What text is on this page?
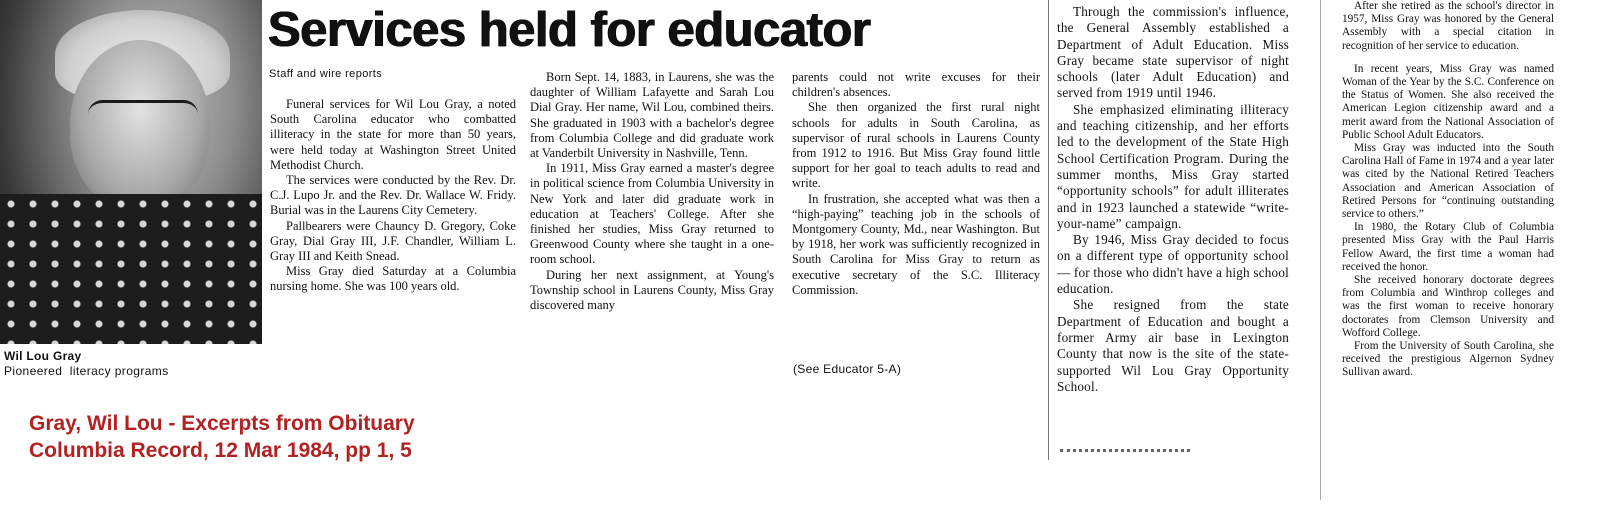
Wil Lou Gray
Pioneered  literacy programs
Services held for educator
Staff and wire reports

Funeral services for Wil Lou Gray, a noted South Carolina educator who combatted illiteracy in the state for more than 50 years, were held today at Washington Street United Methodist Church.

The services were conducted by the Rev. Dr. C.J. Lupo Jr. and the Rev. Dr. Wallace W. Fridy. Burial was in the Laurens City Cemetery.

Pallbearers were Chauncy D. Gregory, Coke Gray, Dial Gray III, J.F. Chandler, William L. Gray III and Keith Snead.

Miss Gray died Saturday at a Columbia nursing home. She was 100 years old.

Born Sept. 14, 1883, in Laurens, she was the daughter of William Lafayette and Sarah Lou Dial Gray. Her name, Wil Lou, combined theirs. She graduated in 1903 with a bachelor's degree from Columbia College and did graduate work at Vanderbilt University in Nashville, Tenn.

In 1911, Miss Gray earned a master's degree in political science from Columbia University in New York and later did graduate work in education at Teachers' College. After she finished her studies, Miss Gray returned to Greenwood County where she taught in a one-room school.

During her next assignment, at Young's Township school in Laurens County, Miss Gray discovered many

parents could not write excuses for their children's absences.

She then organized the first rural night schools for adults in South Carolina, as supervisor of rural schools in Laurens County from 1912 to 1916. But Miss Gray found little support for her goal to teach adults to read and write.

In frustration, she accepted what was then a “high-paying” teaching job in the schools of Montgomery County, Md., near Washington. But by 1918, her work was sufficiently recognized in South Carolina for Miss Gray to return as executive secretary of the S.C. Illiteracy Commission.

(See Educator 5-A)

Through the commission's influence, the General Assembly established a Department of Adult Education. Miss Gray became state supervisor of night schools (later Adult Education) and served from 1919 until 1946.

She emphasized eliminating illiteracy and teaching citizenship, and her efforts led to the development of the State High School Certification Program. During the summer months, Miss Gray started “opportunity schools” for adult illiterates and in 1923 launched a statewide “write-your-name” campaign.

By 1946, Miss Gray decided to focus on a different type of opportunity school — for those who didn't have a high school education.

She resigned from the state Department of Education and bought a former Army air base in Lexington County that now is the site of the state-supported Wil Lou Gray Opportunity School.

After she retired as the school's director in 1957, Miss Gray was honored by the General Assembly with a special citation in recognition of her service to education.

In recent years, Miss Gray was named Woman of the Year by the S.C. Conference on the Status of Women. She also received the American Legion citizenship award and a merit award from the National Association of Public School Adult Educators.

Miss Gray was inducted into the South Carolina Hall of Fame in 1974 and a year later was cited by the National Retired Teachers Association and American Association of Retired Persons for “continuing outstanding service to others.”

In 1980, the Rotary Club of Columbia presented Miss Gray with the Paul Harris Fellow Award, the first time a woman had received the honor.

She received honorary doctorate degrees from Columbia and Winthrop colleges and was the first woman to receive honorary doctorates from Clemson University and Wofford College.

From the University of South Carolina, she received the prestigious Algernon Sydney Sullivan award.

Gray, Wil Lou - Excerpts from Obituary
Columbia Record, 12 Mar 1984, pp 1, 5
